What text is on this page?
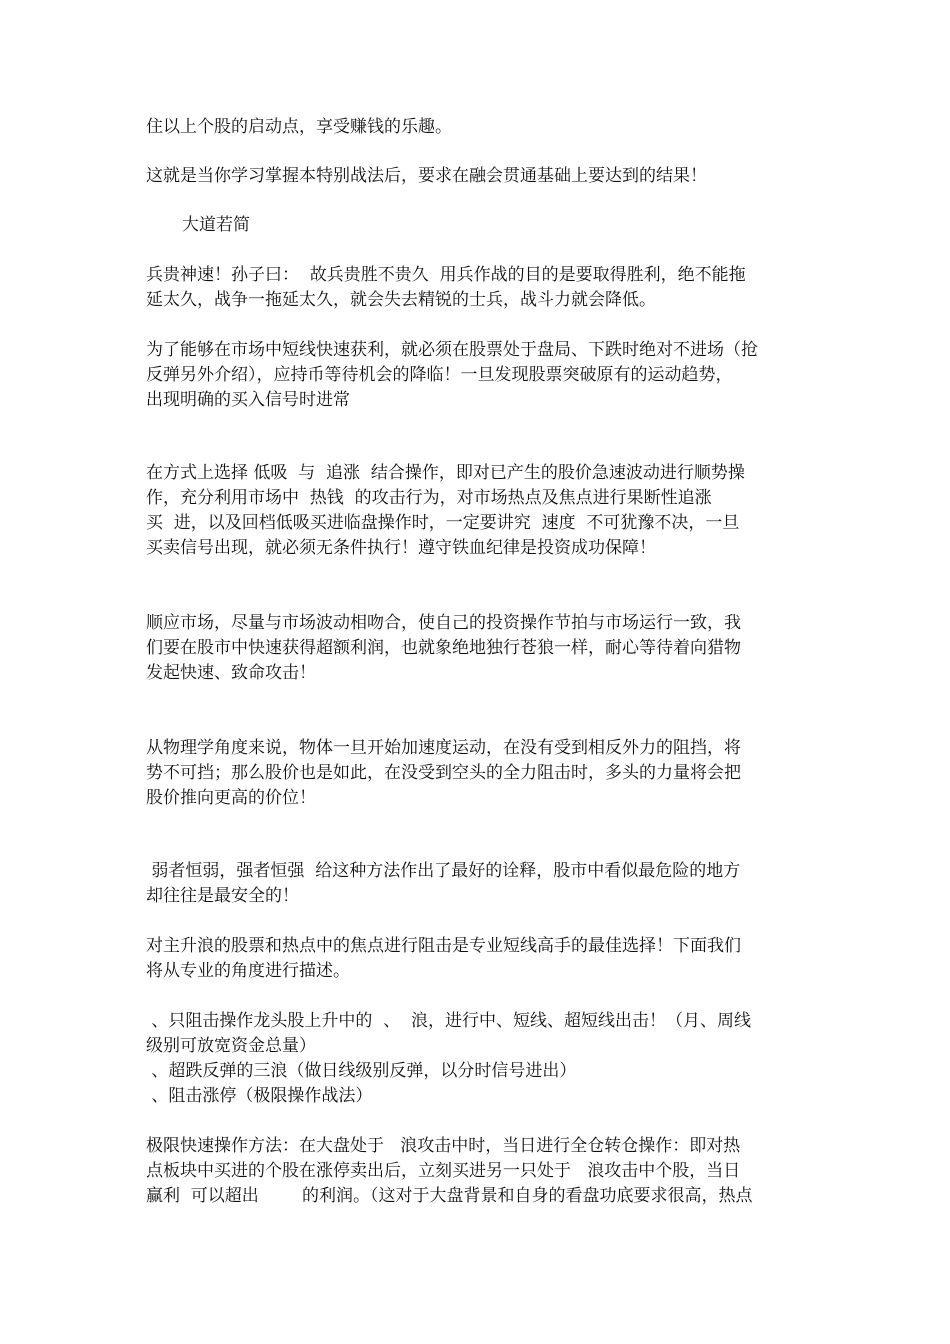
住以上个股的启动点，享受赚钱的乐趣。
这就是当你学习掌握本特别战法后，要求在融会贯通基础上要达到的结果！
大道若简
兵贵神速！孙子曰：  故兵贵胜不贵久  用兵作战的目的是要取得胜利，绝不能拖
延太久，战争一拖延太久，就会失去精锐的士兵，战斗力就会降低。
为了能够在市场中短线快速获利，就必须在股票处于盘局、下跌时绝对不进场（抢
反弹另外介绍），应持币等待机会的降临！一旦发现股票突破原有的运动趋势，
出现明确的买入信号时进常
在方式上选择 低吸  与  追涨  结合操作，即对已产生的股价急速波动进行顺势操
作，充分利用市场中  热钱  的攻击行为，对市场热点及焦点进行果断性追涨
买  进，以及回档低吸买进临盘操作时，一定要讲究  速度  不可犹豫不决，一旦
买卖信号出现，就必须无条件执行！遵守铁血纪律是投资成功保障！
顺应市场，尽量与市场波动相吻合，使自己的投资操作节拍与市场运行一致，我
们要在股市中快速获得超额利润，也就象绝地独行苍狼一样，耐心等待着向猎物
发起快速、致命攻击！
从物理学角度来说，物体一旦开始加速度运动，在没有受到相反外力的阻挡，将
势不可挡；那么股价也是如此，在没受到空头的全力阻击时，多头的力量将会把
股价推向更高的价位！
弱者恒弱，强者恒强  给这种方法作出了最好的诠释，股市中看似最危险的地方
却往往是最安全的！
对主升浪的股票和热点中的焦点进行阻击是专业短线高手的最佳选择！下面我们
将从专业的角度进行描述。
、只阻击操作龙头股上升中的  、  浪，进行中、短线、超短线出击！（月、周线
级别可放宽资金总量）
、超跌反弹的三浪（做日线级别反弹，以分时信号进出）
、阻击涨停（极限操作战法）
极限快速操作方法：在大盘处于   浪攻击中时，当日进行全仓转仓操作：即对热
点板块中买进的个股在涨停卖出后，立刻买进另一只处于   浪攻击中个股，当日
赢利  可以超出        的利润。（这对于大盘背景和自身的看盘功底要求很高，热点
